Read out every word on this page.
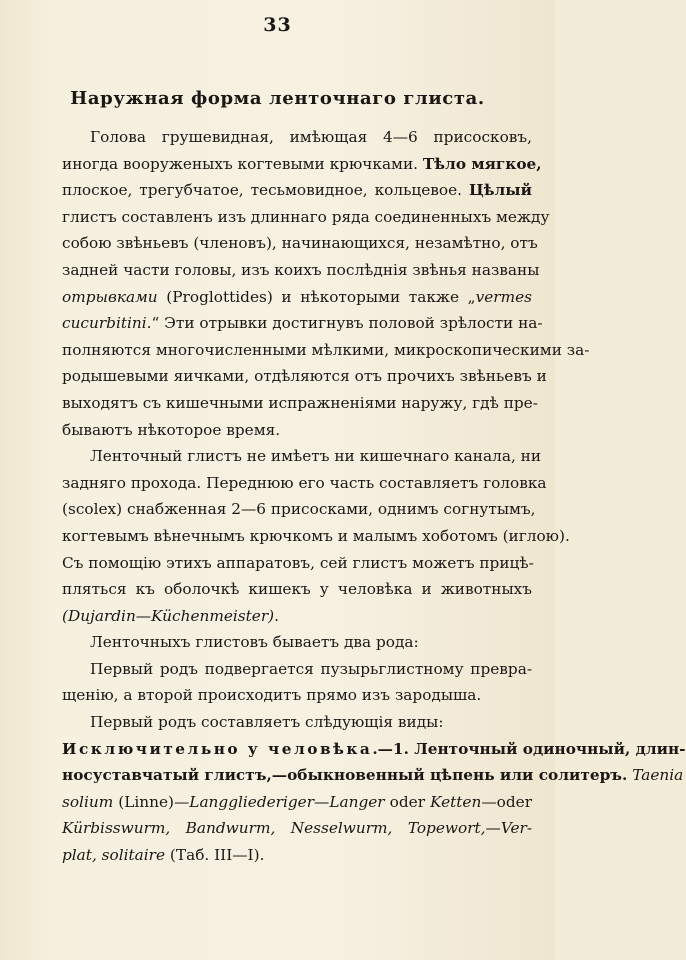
33
Наружная форма ленточнаго глиста.
Голова грушевидная, имѣющая 4—6 присосковъ,
иногда вооруженыхъ когтевыми крючками. Тѣло мягкое,
плоское, трегубчатое, тесьмовидное, кольцевое. Цѣлый
глистъ составленъ изъ длиннаго ряда соединенныхъ между
собою звѣньевъ (членовъ), начинающихся, незамѣтно, отъ
задней части головы, изъ коихъ послѣднія звѣнья названы
отрывками (Proglottides) и нѣкоторыми также „vermes
cucurbitini.“ Эти отрывки достигнувъ половой зрѣлости на-
полняются многочисленными мѣлкими, микроскопическими за-
родышевыми яичками, отдѣляются отъ прочихъ звѣньевъ и
выходятъ съ кишечными испражненіями наружу, гдѣ пре-
бываютъ нѣкоторое время.
Ленточный глистъ не имѣетъ ни кишечнаго канала, ни
задняго прохода. Переднюю его часть составляетъ головка
(scolex) снабженная 2—6 присосками, однимъ согнутымъ,
когтевымъ вѣнечнымъ крючкомъ и малымъ хоботомъ (иглою).
Съ помощію этихъ аппаратовъ, сей глистъ можетъ прицѣ-
пляться къ оболочкѣ кишекъ у человѣка и животныхъ
(Dujardin—Küchenmeister).
Ленточныхъ глистовъ бываетъ два рода:
Первый родъ подвергается пузырьглистному превра-
щенію, а второй происходитъ прямо изъ зародыша.
Первый родъ составляетъ слѣдующія виды:
Исключительно у человѣка.—1. Ленточный одиночный, длин-
носуставчатый глистъ,—обыкновенный цѣпень или солитеръ. Taenia
solium (Linne)—Langgliederiger—Langer oder Ketten—oder
Kürbisswurm, Bandwurm, Nesselwurm, Topewort,—Ver-
plat, solitaire (Таб. III—I).
